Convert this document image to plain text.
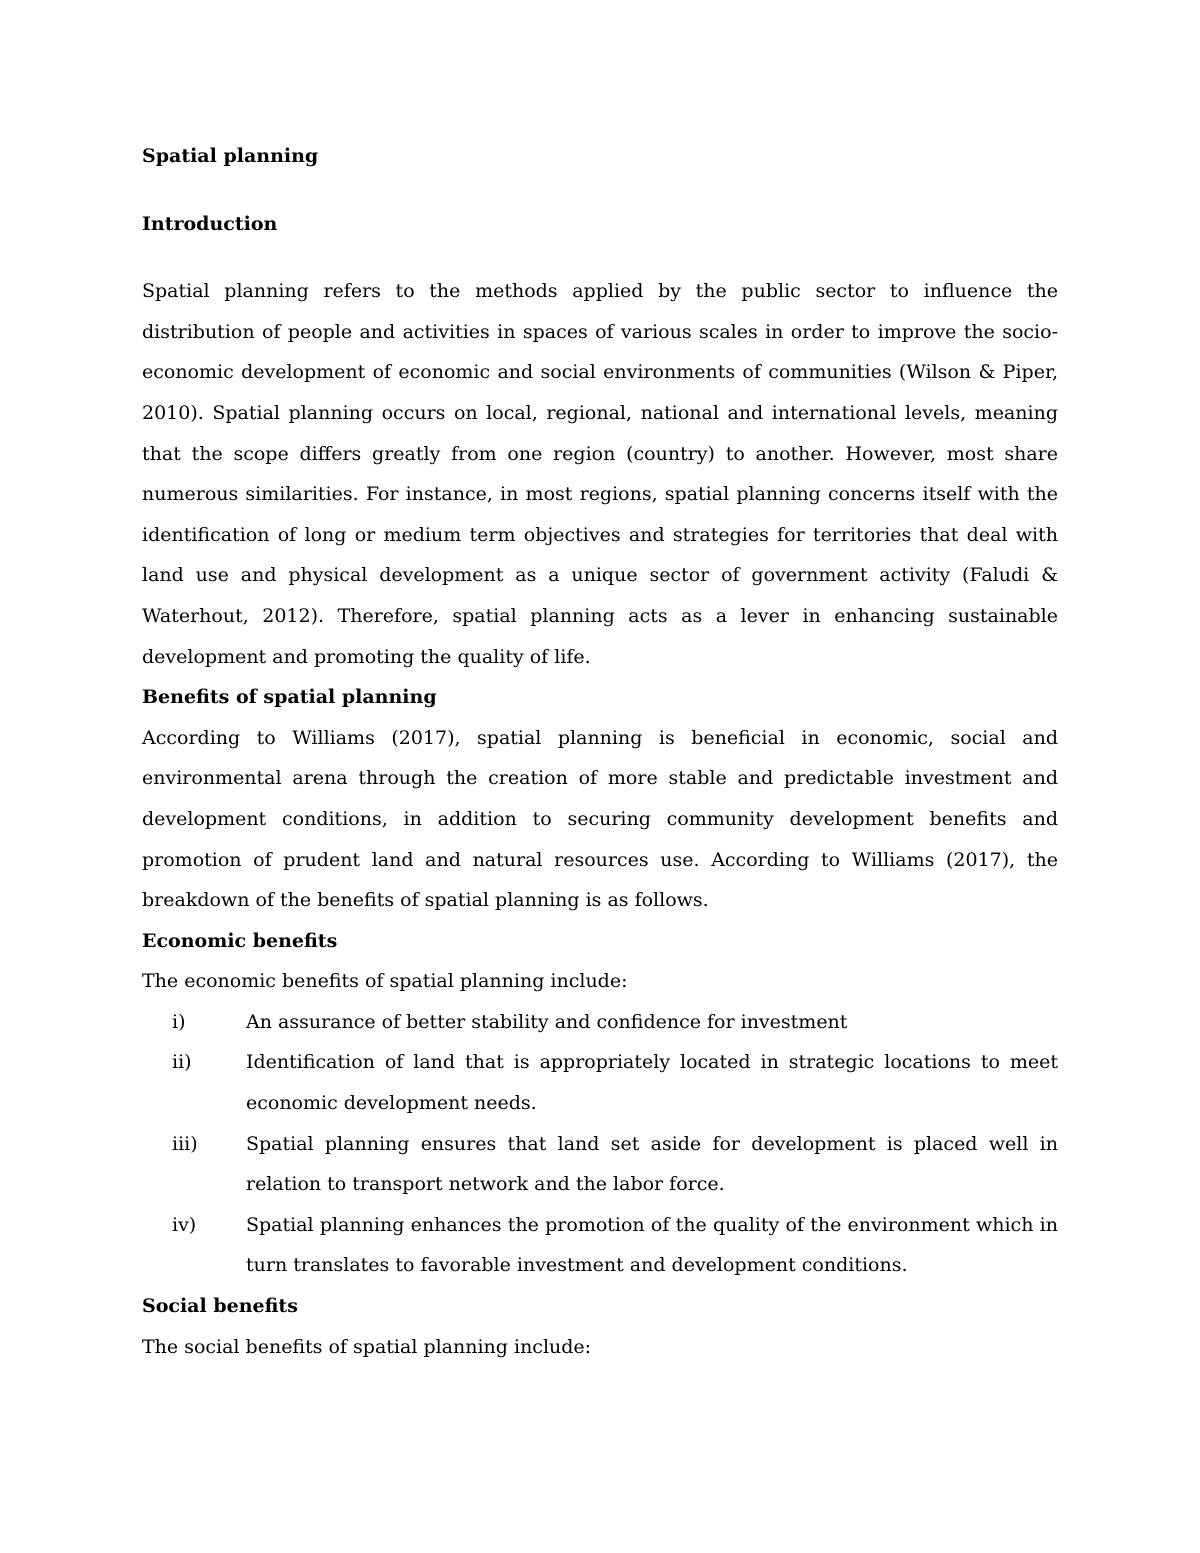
Spatial planning

Introduction

Spatial planning refers to the methods applied by the public sector to influence the distribution of people and activities in spaces of various scales in order to improve the socio-economic development of economic and social environments of communities (Wilson & Piper, 2010). Spatial planning occurs on local, regional, national and international levels, meaning that the scope differs greatly from one region (country) to another. However, most share numerous similarities. For instance, in most regions, spatial planning concerns itself with the identification of long or medium term objectives and strategies for territories that deal with land use and physical development as a unique sector of government activity (Faludi & Waterhout, 2012). Therefore, spatial planning acts as a lever in enhancing sustainable development and promoting the quality of life.

Benefits of spatial planning

According to Williams (2017), spatial planning is beneficial in economic, social and environmental arena through the creation of more stable and predictable investment and development conditions, in addition to securing community development benefits and promotion of prudent land and natural resources use. According to Williams (2017), the breakdown of the benefits of spatial planning is as follows.

Economic benefits

The economic benefits of spatial planning include:

i)	An assurance of better stability and confidence for investment
ii)	Identification of land that is appropriately located in strategic locations to meet economic development needs.
iii)	Spatial planning ensures that land set aside for development is placed well in relation to transport network and the labor force.
iv)	Spatial planning enhances the promotion of the quality of the environment which in turn translates to favorable investment and development conditions.

Social benefits

The social benefits of spatial planning include:
